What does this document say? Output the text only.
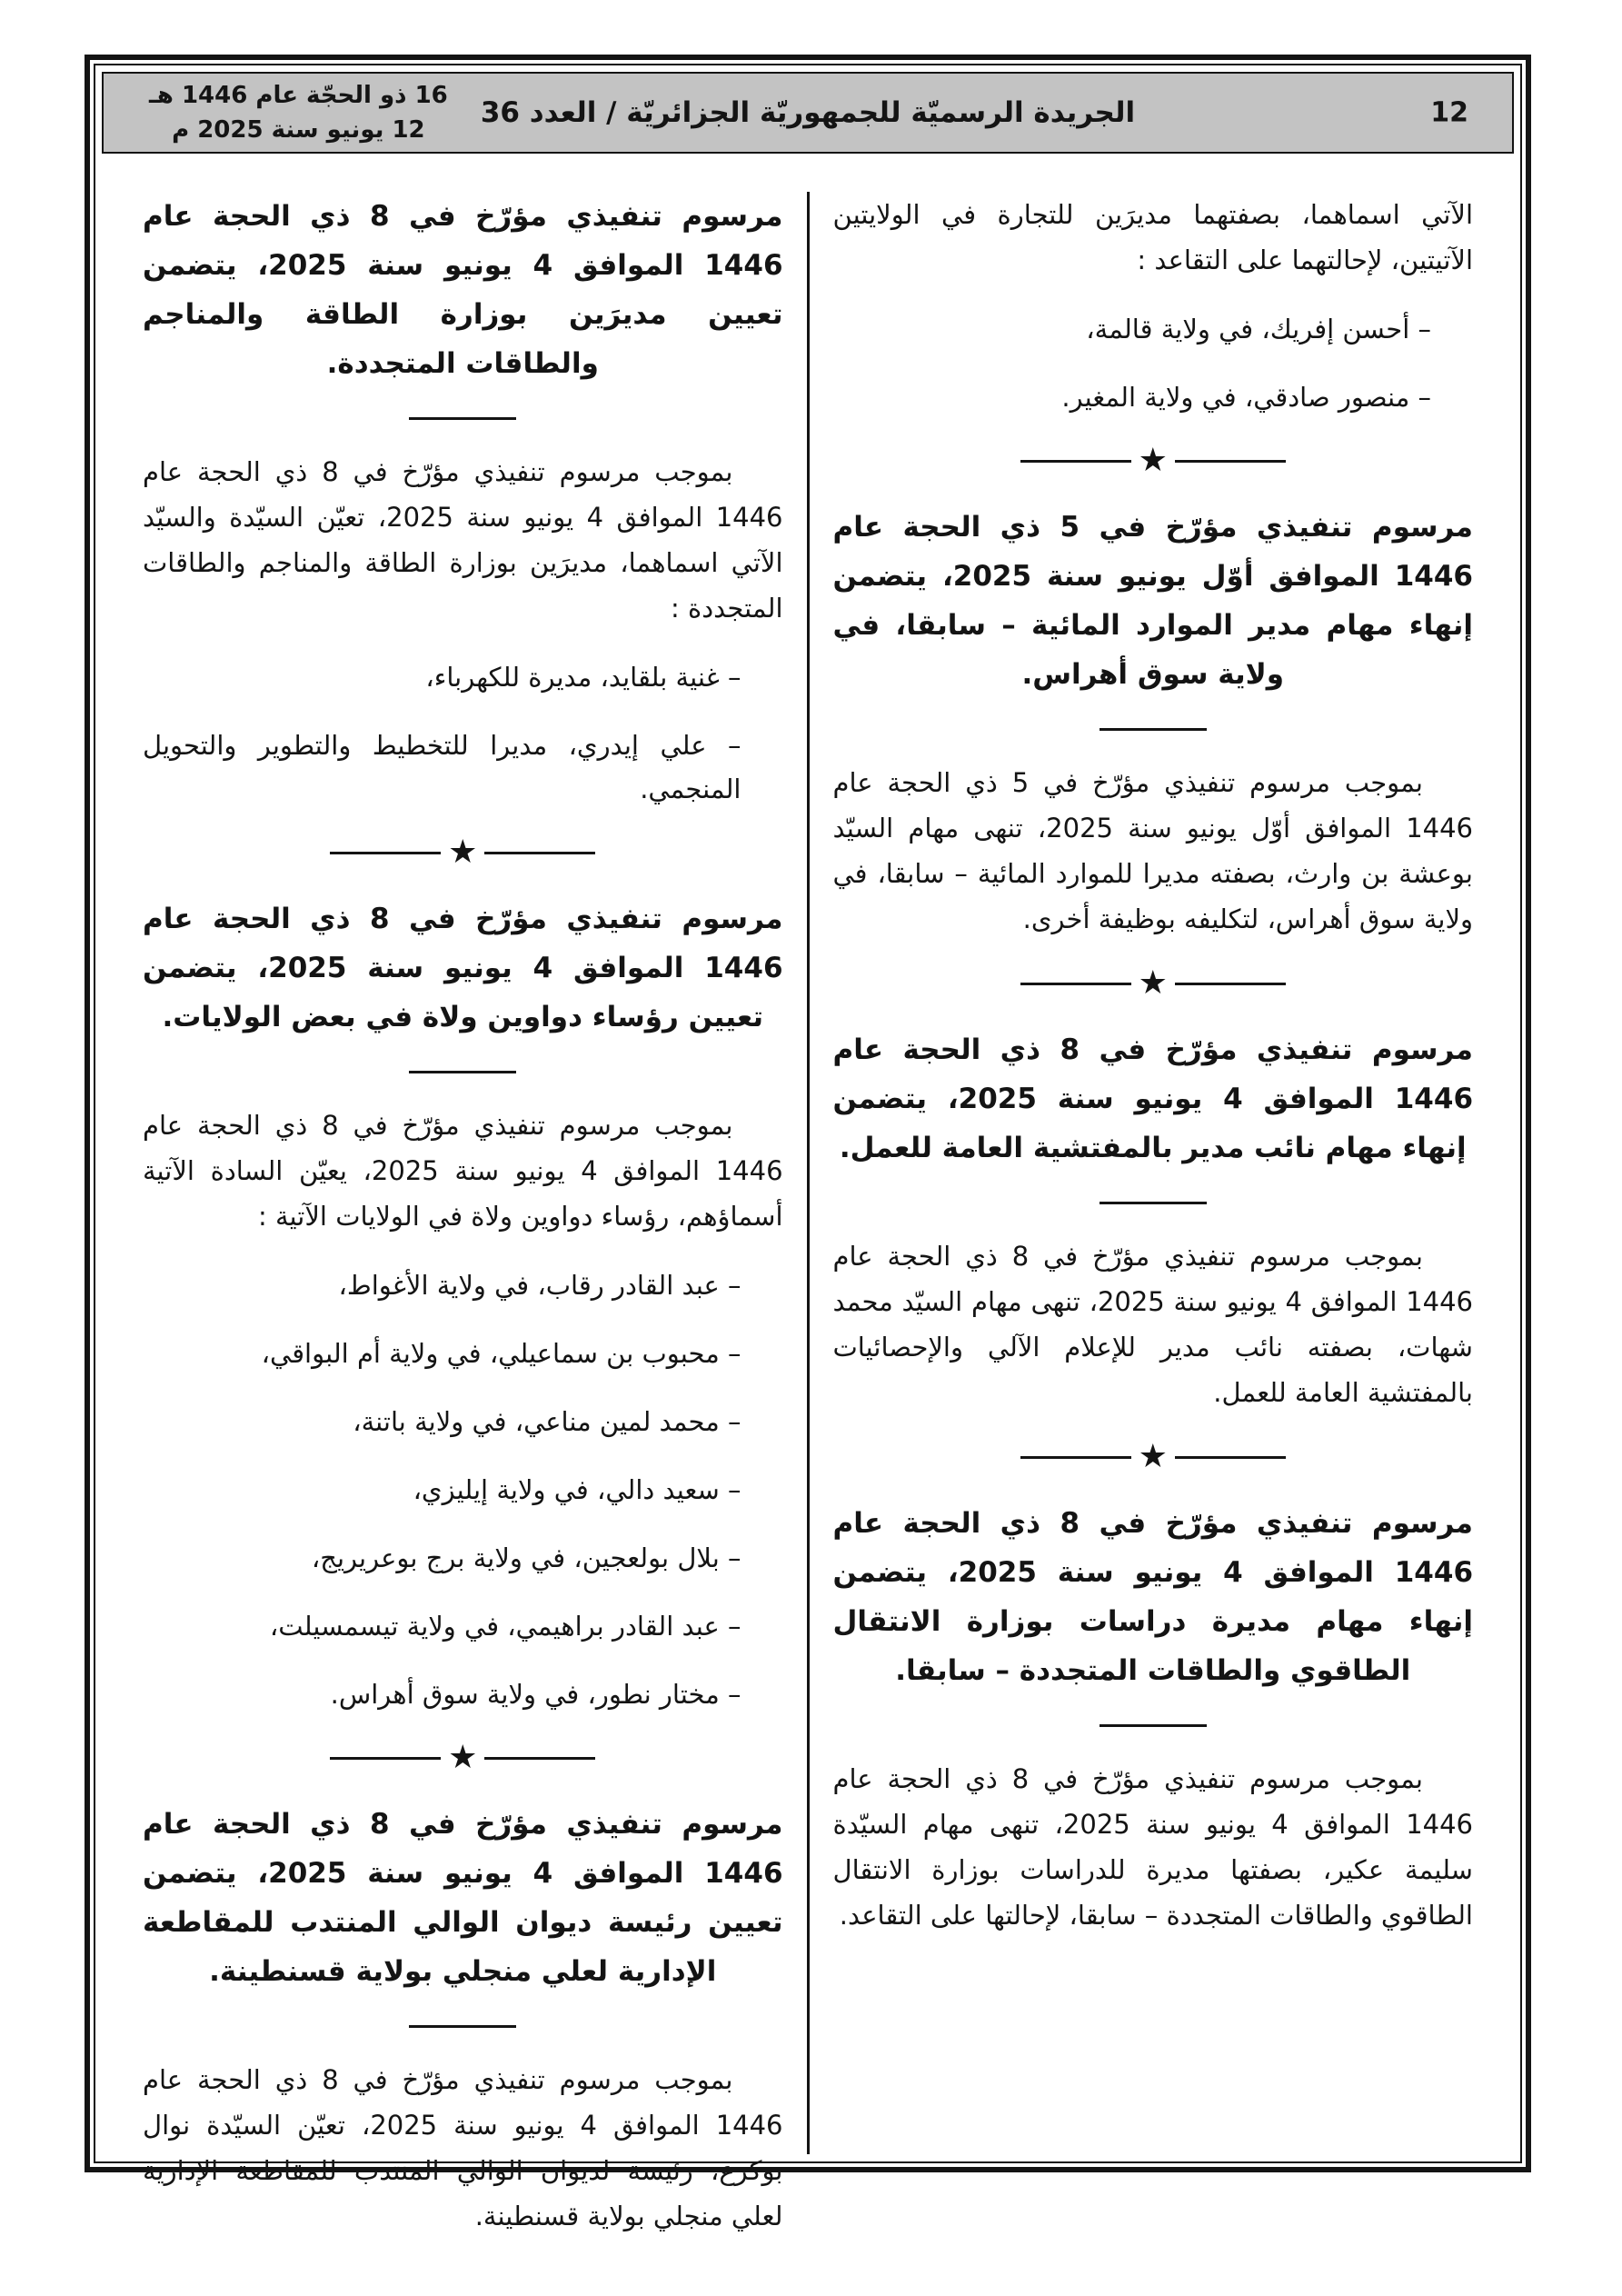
12
الجريدة الرسميّة للجمهوريّة الجزائريّة / العدد 36
16 ذو الحجّة عام 1446 هـ
12 يونيو سنة 2025 م

الآتي اسماهما، بصفتهما مديرَين للتجارة في الولايتين الآتيتين، لإحالتهما على التقاعد :

– أحسن إفريك، في ولاية قالمة،

– منصور صادقي، في ولاية المغير.

★
مرسوم تنفيذي مؤرّخ في 5 ذي الحجة عام 1446 الموافق أوّل يونيو سنة 2025، يتضمن إنهاء مهام مدير الموارد المائية – سابقا، في ولاية سوق أهراس.

بموجب مرسوم تنفيذي مؤرّخ في 5 ذي الحجة عام 1446 الموافق أوّل يونيو سنة 2025، تنهى مهام السيّد بوعشة بن وارث، بصفته مديرا للموارد المائية – سابقا، في ولاية سوق أهراس، لتكليفه بوظيفة أخرى.

★
مرسوم تنفيذي مؤرّخ في 8 ذي الحجة عام 1446 الموافق 4 يونيو سنة 2025، يتضمن إنهاء مهام نائب مدير بالمفتشية العامة للعمل.

بموجب مرسوم تنفيذي مؤرّخ في 8 ذي الحجة عام 1446 الموافق 4 يونيو سنة 2025، تنهى مهام السيّد محمد شهات، بصفته نائب مدير للإعلام الآلي والإحصائيات بالمفتشية العامة للعمل.

★
مرسوم تنفيذي مؤرّخ في 8 ذي الحجة عام 1446 الموافق 4 يونيو سنة 2025، يتضمن إنهاء مهام مديرة دراسات بوزارة الانتقال الطاقوي والطاقات المتجددة – سابقا.

بموجب مرسوم تنفيذي مؤرّخ في 8 ذي الحجة عام 1446 الموافق 4 يونيو سنة 2025، تنهى مهام السيّدة سليمة عكير، بصفتها مديرة للدراسات بوزارة الانتقال الطاقوي والطاقات المتجددة – سابقا، لإحالتها على التقاعد.

مرسوم تنفيذي مؤرّخ في 8 ذي الحجة عام 1446 الموافق 4 يونيو سنة 2025، يتضمن تعيين مديرَين بوزارة الطاقة والمناجم والطاقات المتجددة.

بموجب مرسوم تنفيذي مؤرّخ في 8 ذي الحجة عام 1446 الموافق 4 يونيو سنة 2025، تعيّن السيّدة والسيّد الآتي اسماهما، مديرَين بوزارة الطاقة والمناجم والطاقات المتجددة :

– غنية بلقايد، مديرة للكهرباء،

– علي إيدري، مديرا للتخطيط والتطوير والتحويل المنجمي.

★
مرسوم تنفيذي مؤرّخ في 8 ذي الحجة عام 1446 الموافق 4 يونيو سنة 2025، يتضمن تعيين رؤساء دواوين ولاة في بعض الولايات.

بموجب مرسوم تنفيذي مؤرّخ في 8 ذي الحجة عام 1446 الموافق 4 يونيو سنة 2025، يعيّن السادة الآتية أسماؤهم، رؤساء دواوين ولاة في الولايات الآتية :

– عبد القادر رقاب، في ولاية الأغواط،

– محبوب بن سماعيلي، في ولاية أم البواقي،

– محمد لمين مناعي، في ولاية باتنة،

– سعيد دالي، في ولاية إيليزي،

– بلال بولعجين، في ولاية برج بوعريريج،

– عبد القادر براهيمي، في ولاية تيسمسيلت،

– مختار نطور، في ولاية سوق أهراس.

★
مرسوم تنفيذي مؤرّخ في 8 ذي الحجة عام 1446 الموافق 4 يونيو سنة 2025، يتضمن تعيين رئيسة ديوان الوالي المنتدب للمقاطعة الإدارية لعلي منجلي بولاية قسنطينة.

بموجب مرسوم تنفيذي مؤرّخ في 8 ذي الحجة عام 1446 الموافق 4 يونيو سنة 2025، تعيّن السيّدة نوال بوكرع، رئيسة لديوان الوالي المنتدب للمقاطعة الإدارية لعلي منجلي بولاية قسنطينة.
